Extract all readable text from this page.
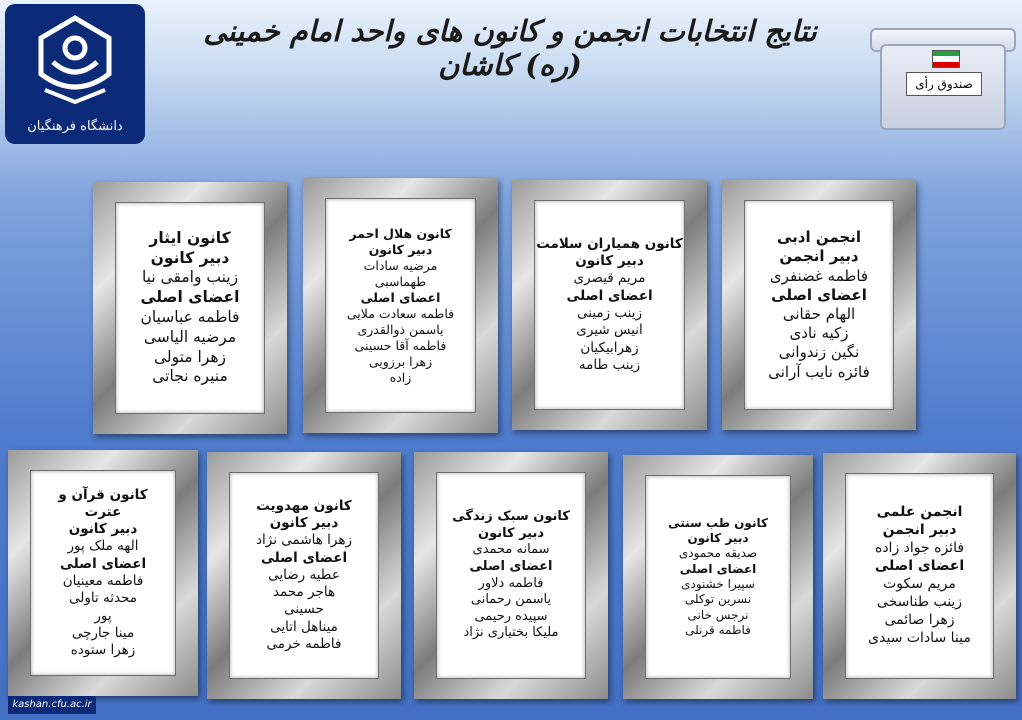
دانشگاه فرهنگیان
نتایج انتخابات انجمن و کانون های واحد امام خمینی (ره) کاشان
صندوق رأی
انجمن ادبی
دبیر انجمن
فاطمه غضنفری
اعضای اصلی
الهام حقانی
زکیه نادی
نگین زندوانی
فائزه نایب آرانی
کانون همیاران سلامت
دبیر کانون
مریم قیصری
اعضای اصلی
زینب زمینی
انیس شیری
زهرابیکیان
زینب طامه
کانون هلال احمر
دبیر کانون
مرضیه سادات
طهماسبی
اعضای اصلی
فاطمه سعادت ملایی
یاسمن ذوالقدری
فاطمه آقا حسینی
زهرا برزویی
زاده
کانون ایثار
دبیر کانون
زینب وامقی نیا
اعضای اصلی
فاطمه عباسیان
مرضیه الیاسی
زهرا متولی
منیره نجاتی
انجمن علمی
دبیر انجمن
فائزه جواد زاده
اعضای اصلی
مریم سکوت
زینب طناسخی
زهرا صائمی
مینا سادات سیدی
کانون طب سنتی
دبیر کانون
صدیقه محمودی
اعضای اصلی
سپیرا خشنودی
نسرین توکلی
نرجس خانی
فاطمه قرنلی
کانون سبک زندگی
دبیر کانون
سمانه محمدی
اعضای اصلی
فاطمه دلاور
یاسمن رحمانی
سپیده رحیمی
ملیکا بختیاری نژاد
کانون مهدویت
دبیر کانون
زهرا هاشمی نژاد
اعضای اصلی
عطیه رضایی
هاجر محمد
حسینی
میناهل اتایی
فاطمه خرمی
کانون قرآن و
عترت
دبیر کانون
الهه ملک پور
اعضای اصلی
فاطمه معینیان
محدثه تاولی
پور
مینا جارچی
زهرا ستوده
kashan.cfu.ac.ir
